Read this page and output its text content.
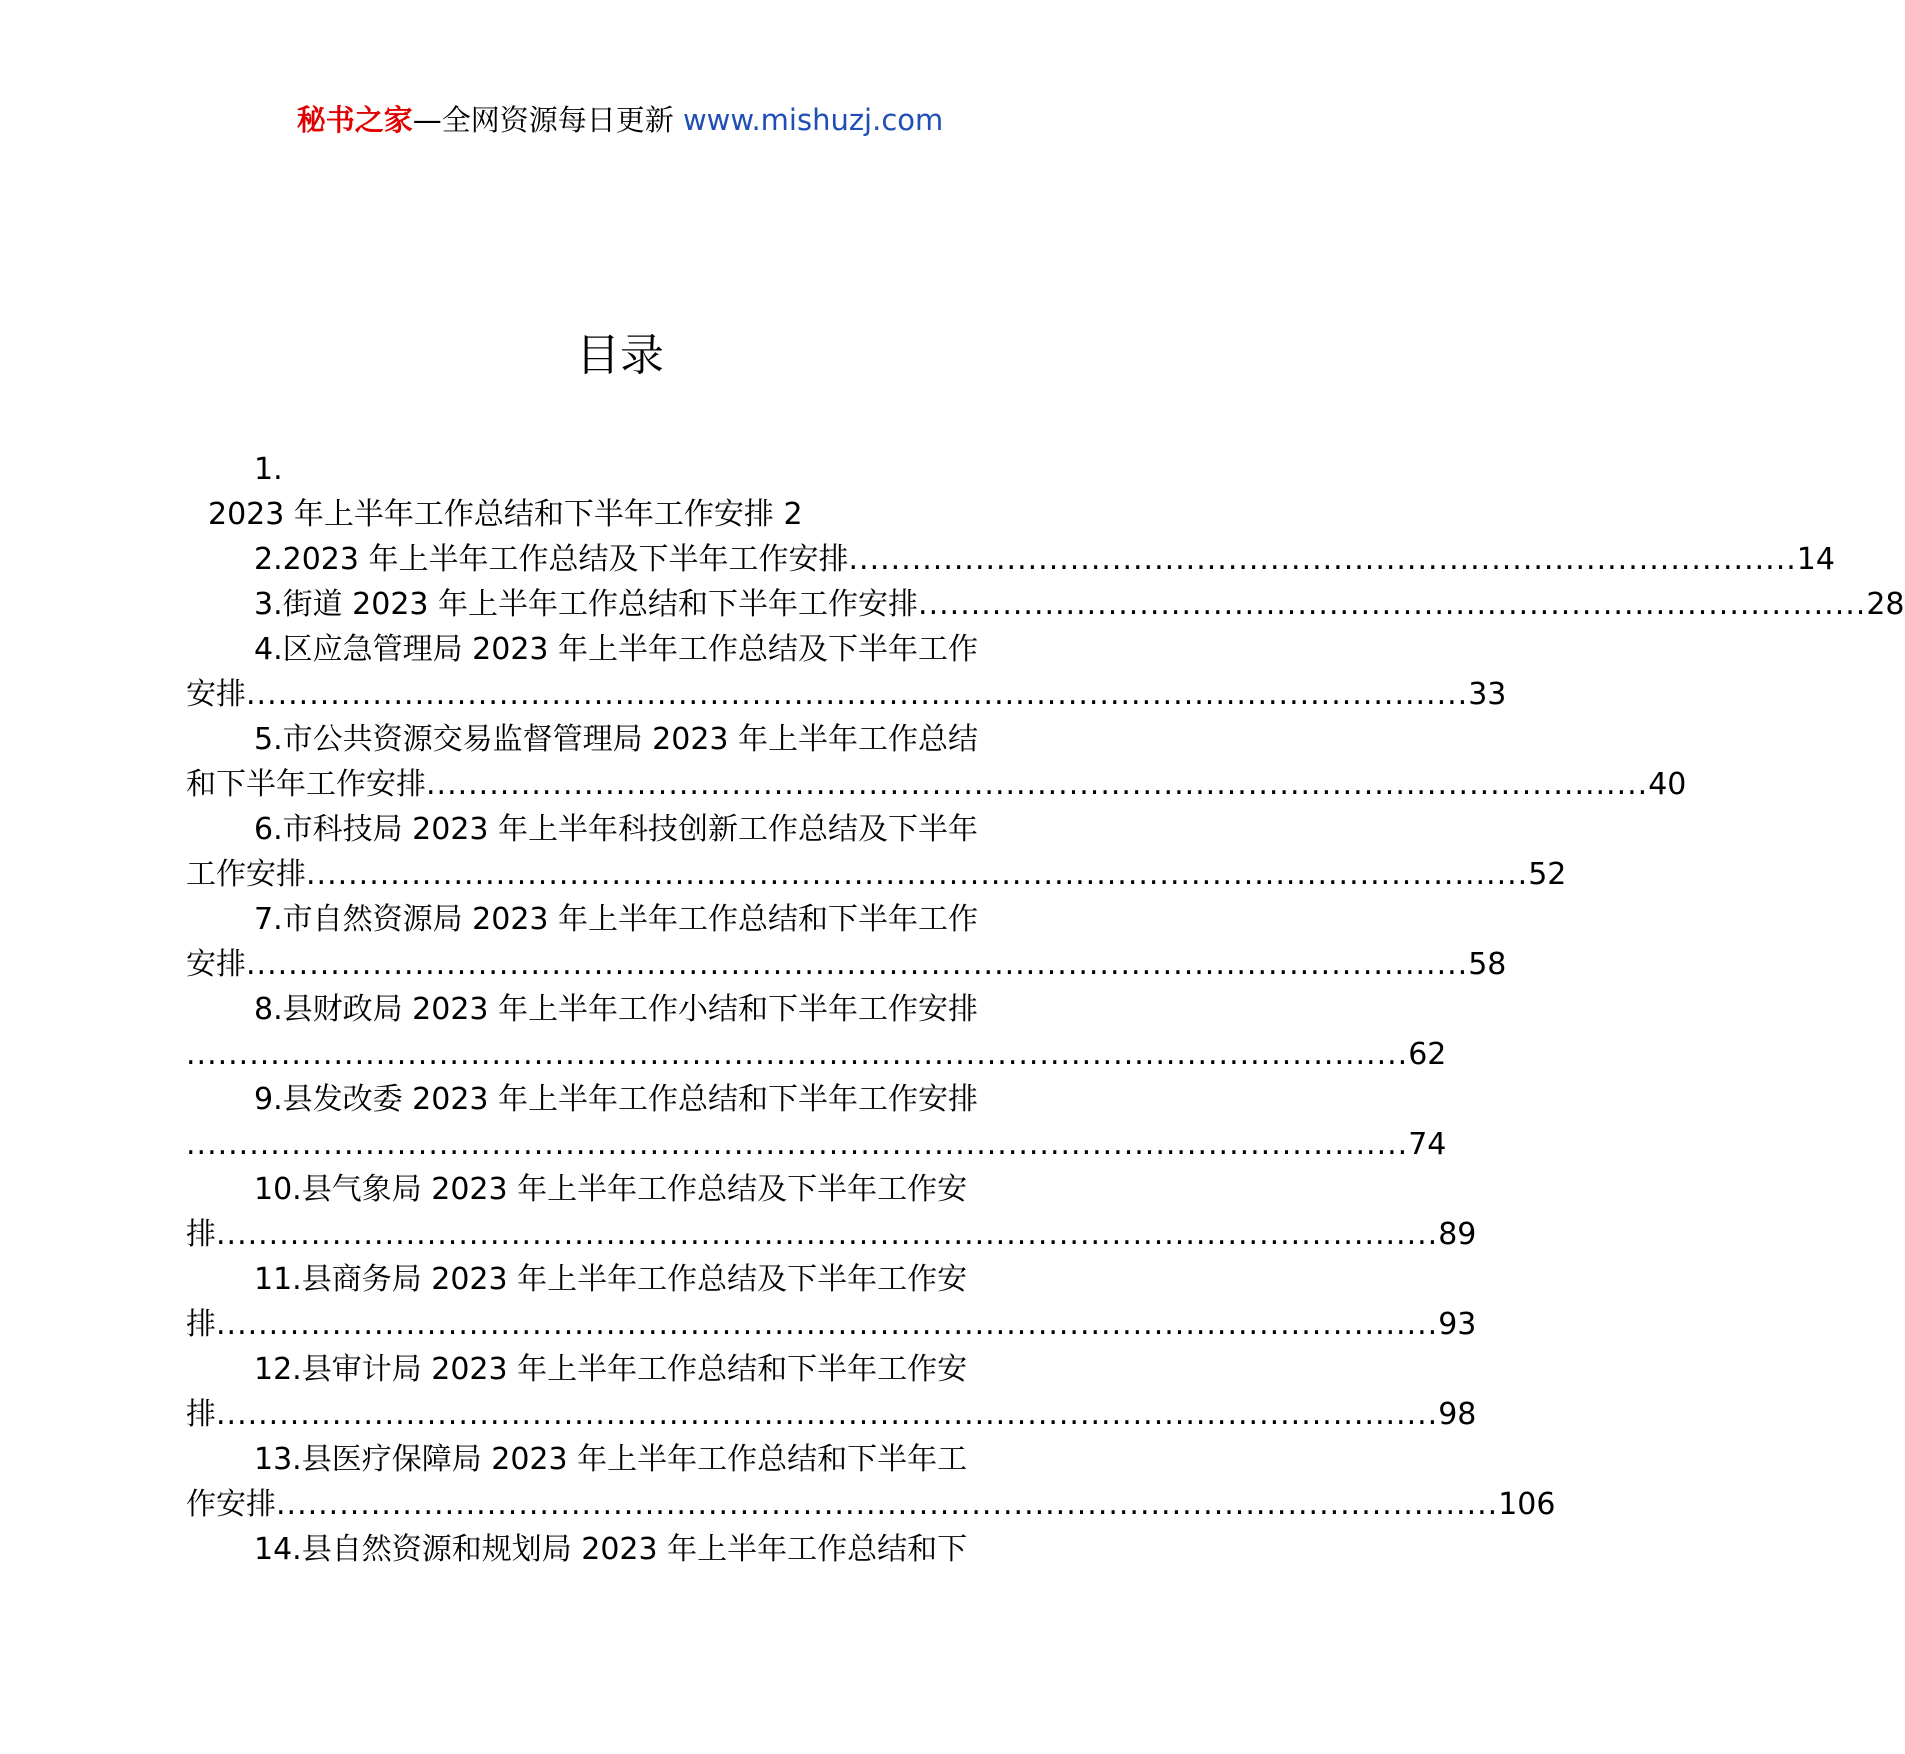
秘书之家—全网资源每日更新 www.mishuzj.com
目录
1.
2023 年上半年工作总结和下半年工作安排 2
2.2023 年上半年工作总结及下半年工作安排 .......................................................................................... 14
3.街道 2023 年上半年工作总结和下半年工作安排 .......................................................................................... 28
4.区应急管理局 2023 年上半年工作总结及下半年工作
安排 .................................................................................................................... 33
5.市公共资源交易监督管理局 2023 年上半年工作总结
和下半年工作安排 .................................................................................................................... 40
6.市科技局 2023 年上半年科技创新工作总结及下半年
工作安排 .................................................................................................................... 52
7.市自然资源局 2023 年上半年工作总结和下半年工作
安排 .................................................................................................................... 58
8.县财政局 2023 年上半年工作小结和下半年工作安排
.................................................................................................................... 62
9.县发改委 2023 年上半年工作总结和下半年工作安排
.................................................................................................................... 74
10.县气象局 2023 年上半年工作总结及下半年工作安
排 .................................................................................................................... 89
11.县商务局 2023 年上半年工作总结及下半年工作安
排 .................................................................................................................... 93
12.县审计局 2023 年上半年工作总结和下半年工作安
排 .................................................................................................................... 98
13.县医疗保障局 2023 年上半年工作总结和下半年工
作安排 .................................................................................................................... 106
14.县自然资源和规划局 2023 年上半年工作总结和下
